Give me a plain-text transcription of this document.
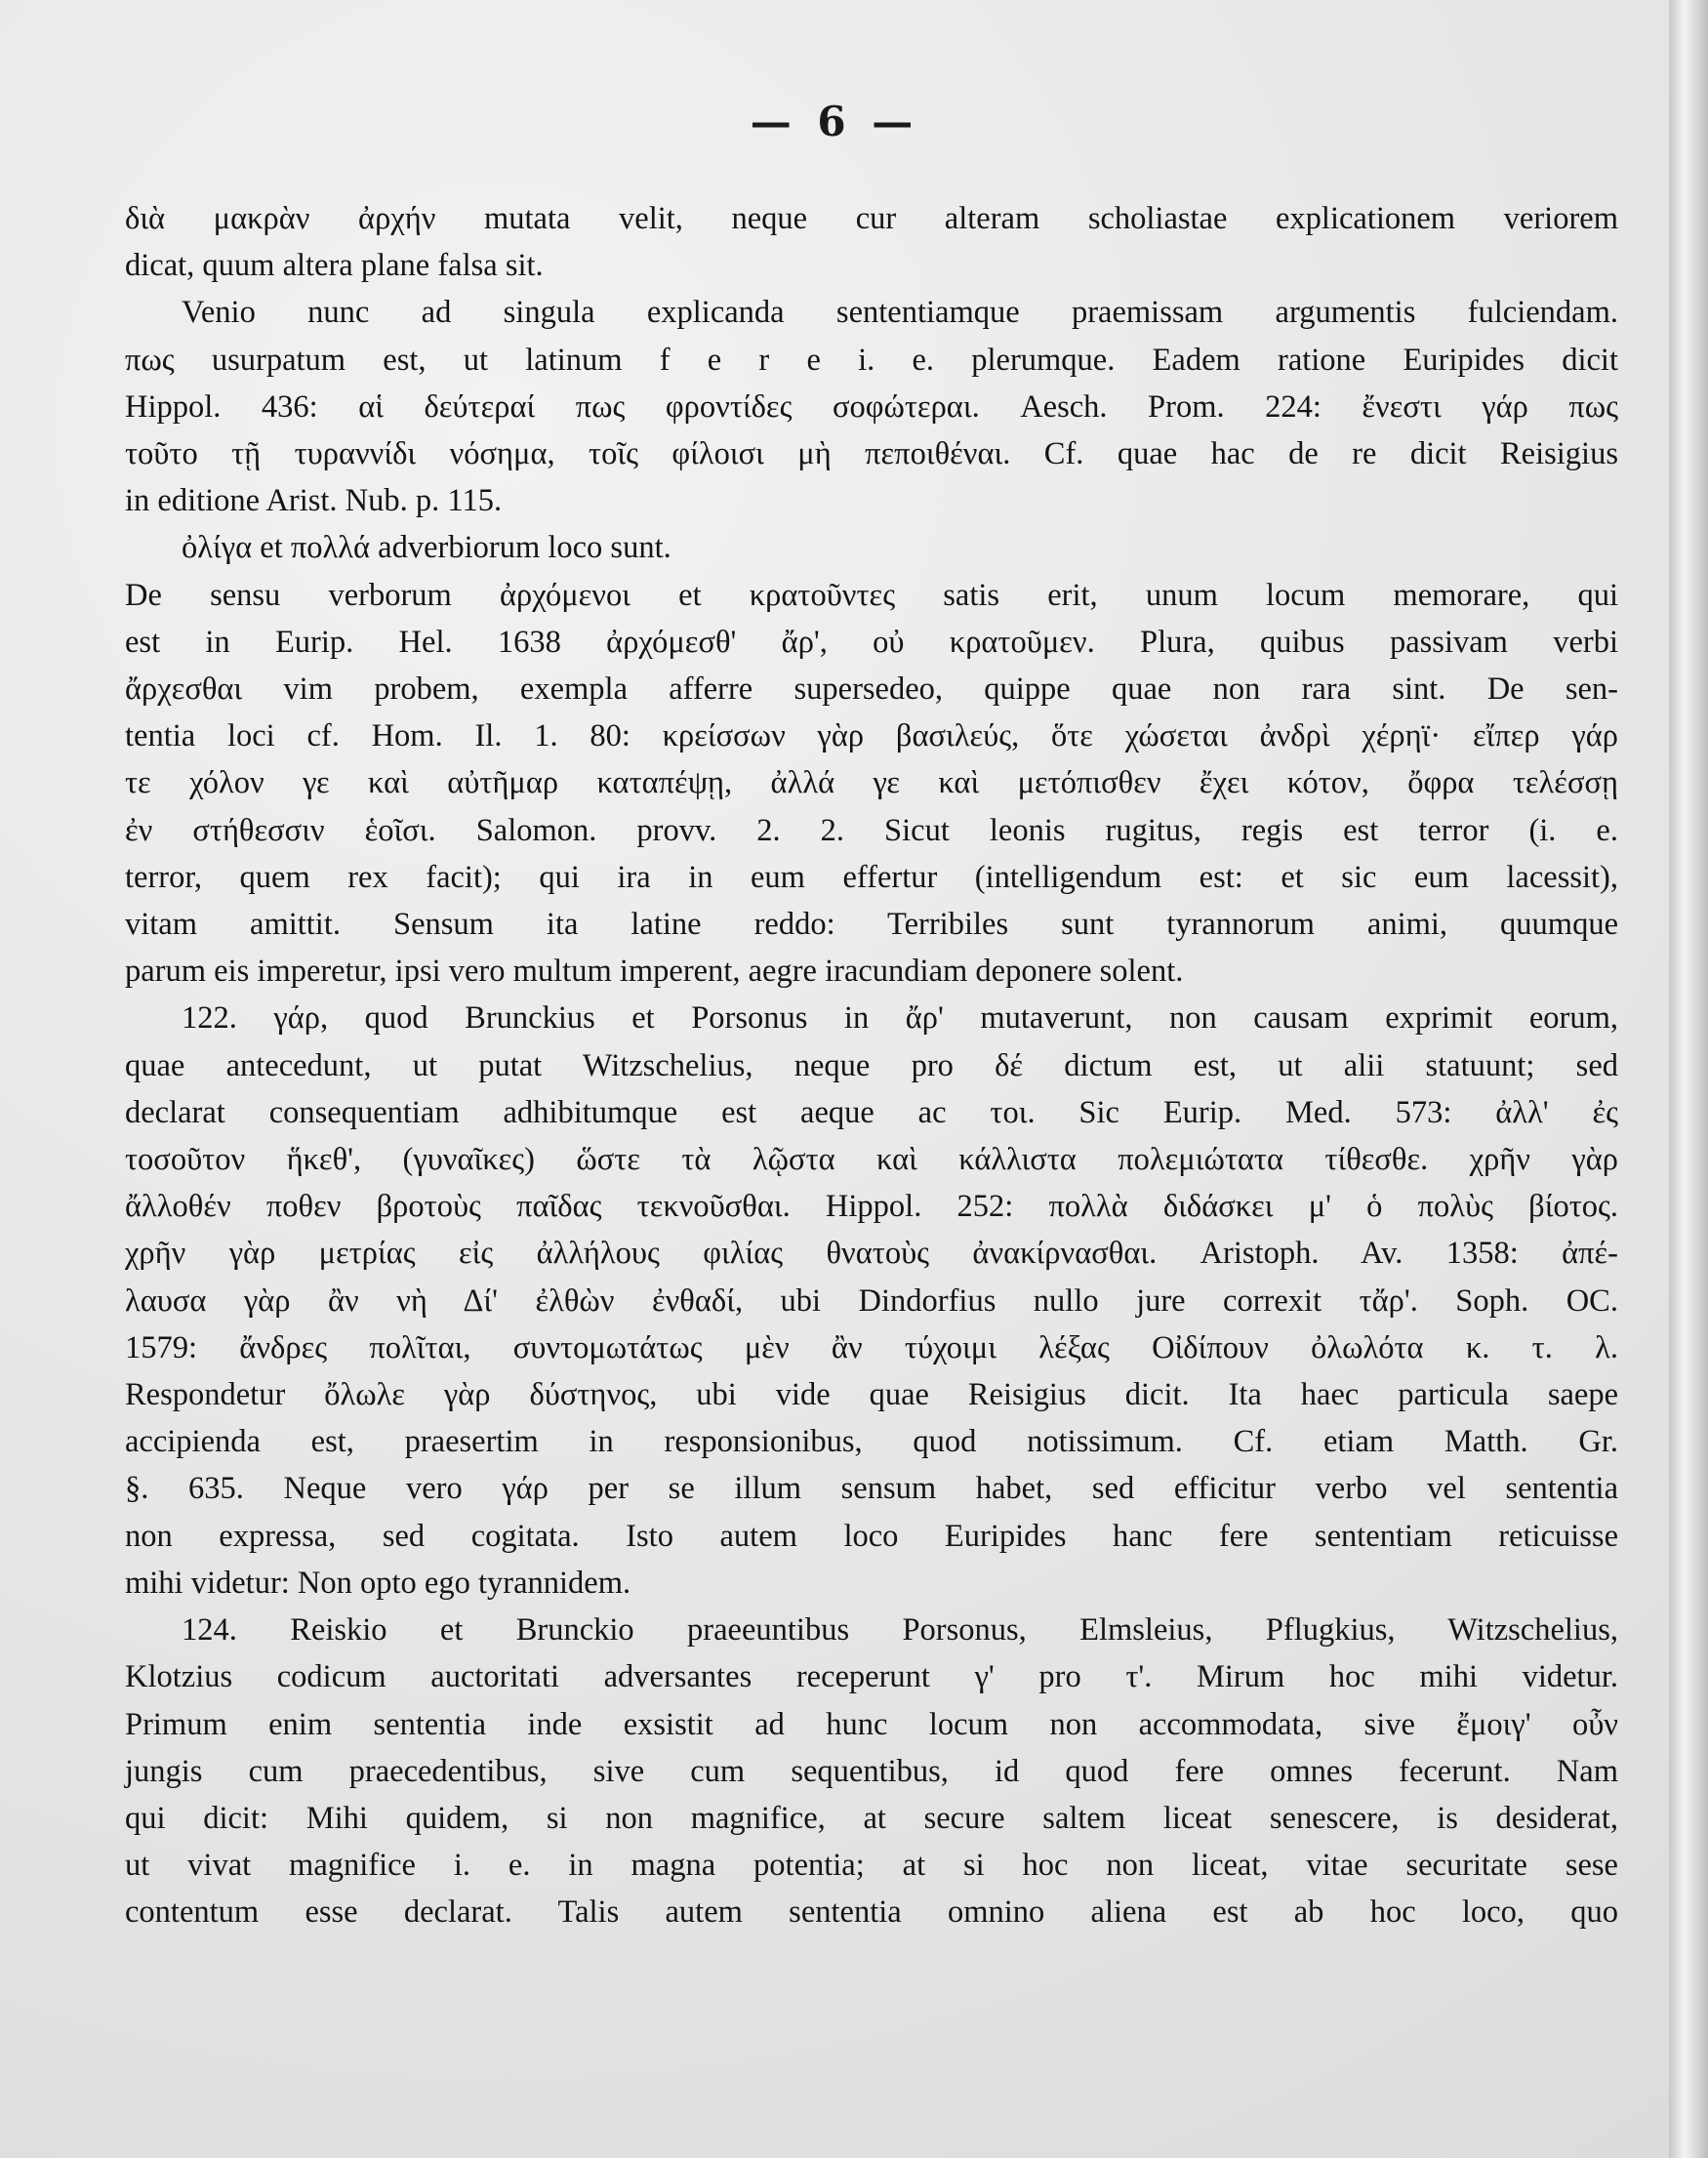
— 6 —
διὰ μακρὰν ἀρχήν mutata velit, neque cur alteram scholiastae explicationem veriorem
dicat, quum altera plane falsa sit.
Venio nunc ad singula explicanda sententiamque praemissam argumentis fulciendam.
πως usurpatum est, ut latinum f e r e i. e. plerumque. Eadem ratione Euripides dicit
Hippol. 436: αἱ δεύτεραί πως φροντίδες σοφώτεραι. Aesch. Prom. 224: ἔνεστι γάρ πως
τοῦτο τῇ τυραννίδι νόσημα, τοῖς φίλοισι μὴ πεποιθέναι. Cf. quae hac de re dicit Reisigius
in editione Arist. Nub. p. 115.
ὀλίγα et πολλά adverbiorum loco sunt.
De sensu verborum ἀρχόμενοι et κρατοῦντες satis erit, unum locum memorare, qui
est in Eurip. Hel. 1638 ἀρχόμεσθ' ἄρ', οὐ κρατοῦμεν. Plura, quibus passivam verbi
ἄρχεσθαι vim probem, exempla afferre supersedeo, quippe quae non rara sint. De sen-
tentia loci cf. Hom. Il. 1. 80: κρείσσων γὰρ βασιλεύς, ὅτε χώσεται ἀνδρὶ χέρηϊ· εἴπερ γάρ
τε χόλον γε καὶ αὐτῆμαρ καταπέψῃ, ἀλλά γε καὶ μετόπισθεν ἔχει κότον, ὄφρα τελέσσῃ
ἐν στήθεσσιν ἑοῖσι. Salomon. provv. 2. 2. Sicut leonis rugitus, regis est terror (i. e.
terror, quem rex facit); qui ira in eum effertur (intelligendum est: et sic eum lacessit),
vitam amittit. Sensum ita latine reddo: Terribiles sunt tyrannorum animi, quumque
parum eis imperetur, ipsi vero multum imperent, aegre iracundiam deponere solent.
122. γάρ, quod Brunckius et Porsonus in ἄρ' mutaverunt, non causam exprimit eorum,
quae antecedunt, ut putat Witzschelius, neque pro δέ dictum est, ut alii statuunt; sed
declarat consequentiam adhibitumque est aeque ac τοι. Sic Eurip. Med. 573: ἀλλ' ἐς
τοσοῦτον ἥκεθ', (γυναῖκες) ὥστε τὰ λῷστα καὶ κάλλιστα πολεμιώτατα τίθεσθε. χρῆν γὰρ
ἄλλοθέν ποθεν βροτοὺς παῖδας τεκνοῦσθαι. Hippol. 252: πολλὰ διδάσκει μ' ὁ πολὺς βίοτος.
χρῆν γὰρ μετρίας εἰς ἀλλήλους φιλίας θνατοὺς ἀνακίρνασθαι. Aristoph. Av. 1358: ἀπέ-
λαυσα γὰρ ἂν νὴ Δί' ἐλθὼν ἐνθαδί, ubi Dindorfius nullo jure correxit τἄρ'. Soph. OC.
1579: ἄνδρες πολῖται, συντομωτάτως μὲν ἂν τύχοιμι λέξας Οἰδίπουν ὀλωλότα κ. τ. λ.
Respondetur ὄλωλε γὰρ δύστηνος, ubi vide quae Reisigius dicit. Ita haec particula saepe
accipienda est, praesertim in responsionibus, quod notissimum. Cf. etiam Matth. Gr.
§. 635. Neque vero γάρ per se illum sensum habet, sed efficitur verbo vel sententia
non expressa, sed cogitata. Isto autem loco Euripides hanc fere sententiam reticuisse
mihi videtur: Non opto ego tyrannidem.
124. Reiskio et Brunckio praeeuntibus Porsonus, Elmsleius, Pflugkius, Witzschelius,
Klotzius codicum auctoritati adversantes receperunt γ' pro τ'. Mirum hoc mihi videtur.
Primum enim sententia inde exsistit ad hunc locum non accommodata, sive ἔμοιγ' οὖν
jungis cum praecedentibus, sive cum sequentibus, id quod fere omnes fecerunt. Nam
qui dicit: Mihi quidem, si non magnifice, at secure saltem liceat senescere, is desiderat,
ut vivat magnifice i. e. in magna potentia; at si hoc non liceat, vitae securitate sese
contentum esse declarat. Talis autem sententia omnino aliena est ab hoc loco, quo
